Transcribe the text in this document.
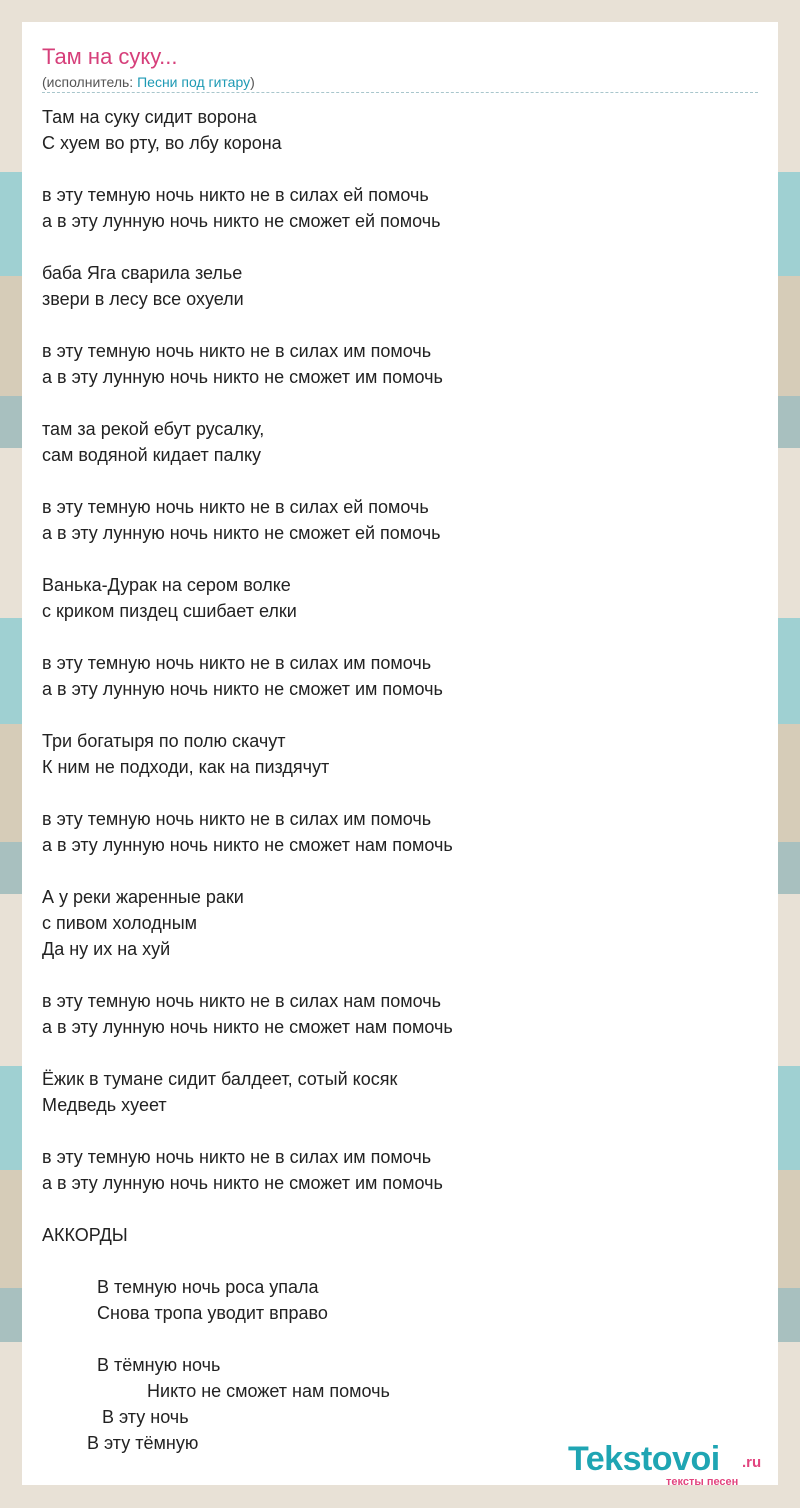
Там на суку...
(исполнитель: Песни под гитару)
Там на суку сидит ворона
С хуем во рту, во лбу корона

в эту темную ночь никто не в силах ей помочь
а в эту лунную ночь никто не сможет ей помочь

баба Яга сварила зелье
звери в лесу все охуели

в эту темную ночь никто не в силах им помочь
а в эту лунную ночь никто не сможет им помочь

там за рекой ебут русалку,
сам водяной кидает палку

в эту темную ночь никто не в силах ей помочь
а в эту лунную ночь никто не сможет ей помочь

Ванька-Дурак на сером волке
с криком пиздец сшибает елки

в эту темную ночь никто не в силах им помочь
а в эту лунную ночь никто не сможет им помочь

Три богатыря по полю скачут
К ним не подходи, как на пиздячут

в эту темную ночь никто не в силах им помочь
а в эту лунную ночь никто не сможет нам помочь

А у реки жаренные раки
с пивом холодным
Да ну их на хуй

в эту темную ночь никто не в силах нам помочь
а в эту лунную ночь никто не сможет нам помочь

Ёжик в тумане сидит балдеет, сотый косяк
Медведь хуеет

в эту темную ночь никто не в силах им помочь
а в эту лунную ночь никто не сможет им помочь

АККОРДЫ

В темную ночь роса упала
Снова тропа уводит вправо

В тёмную ночь
Никто не сможет нам помочь
В эту ночь
В эту тёмную	Tekstovoi .ru
тексты песен
